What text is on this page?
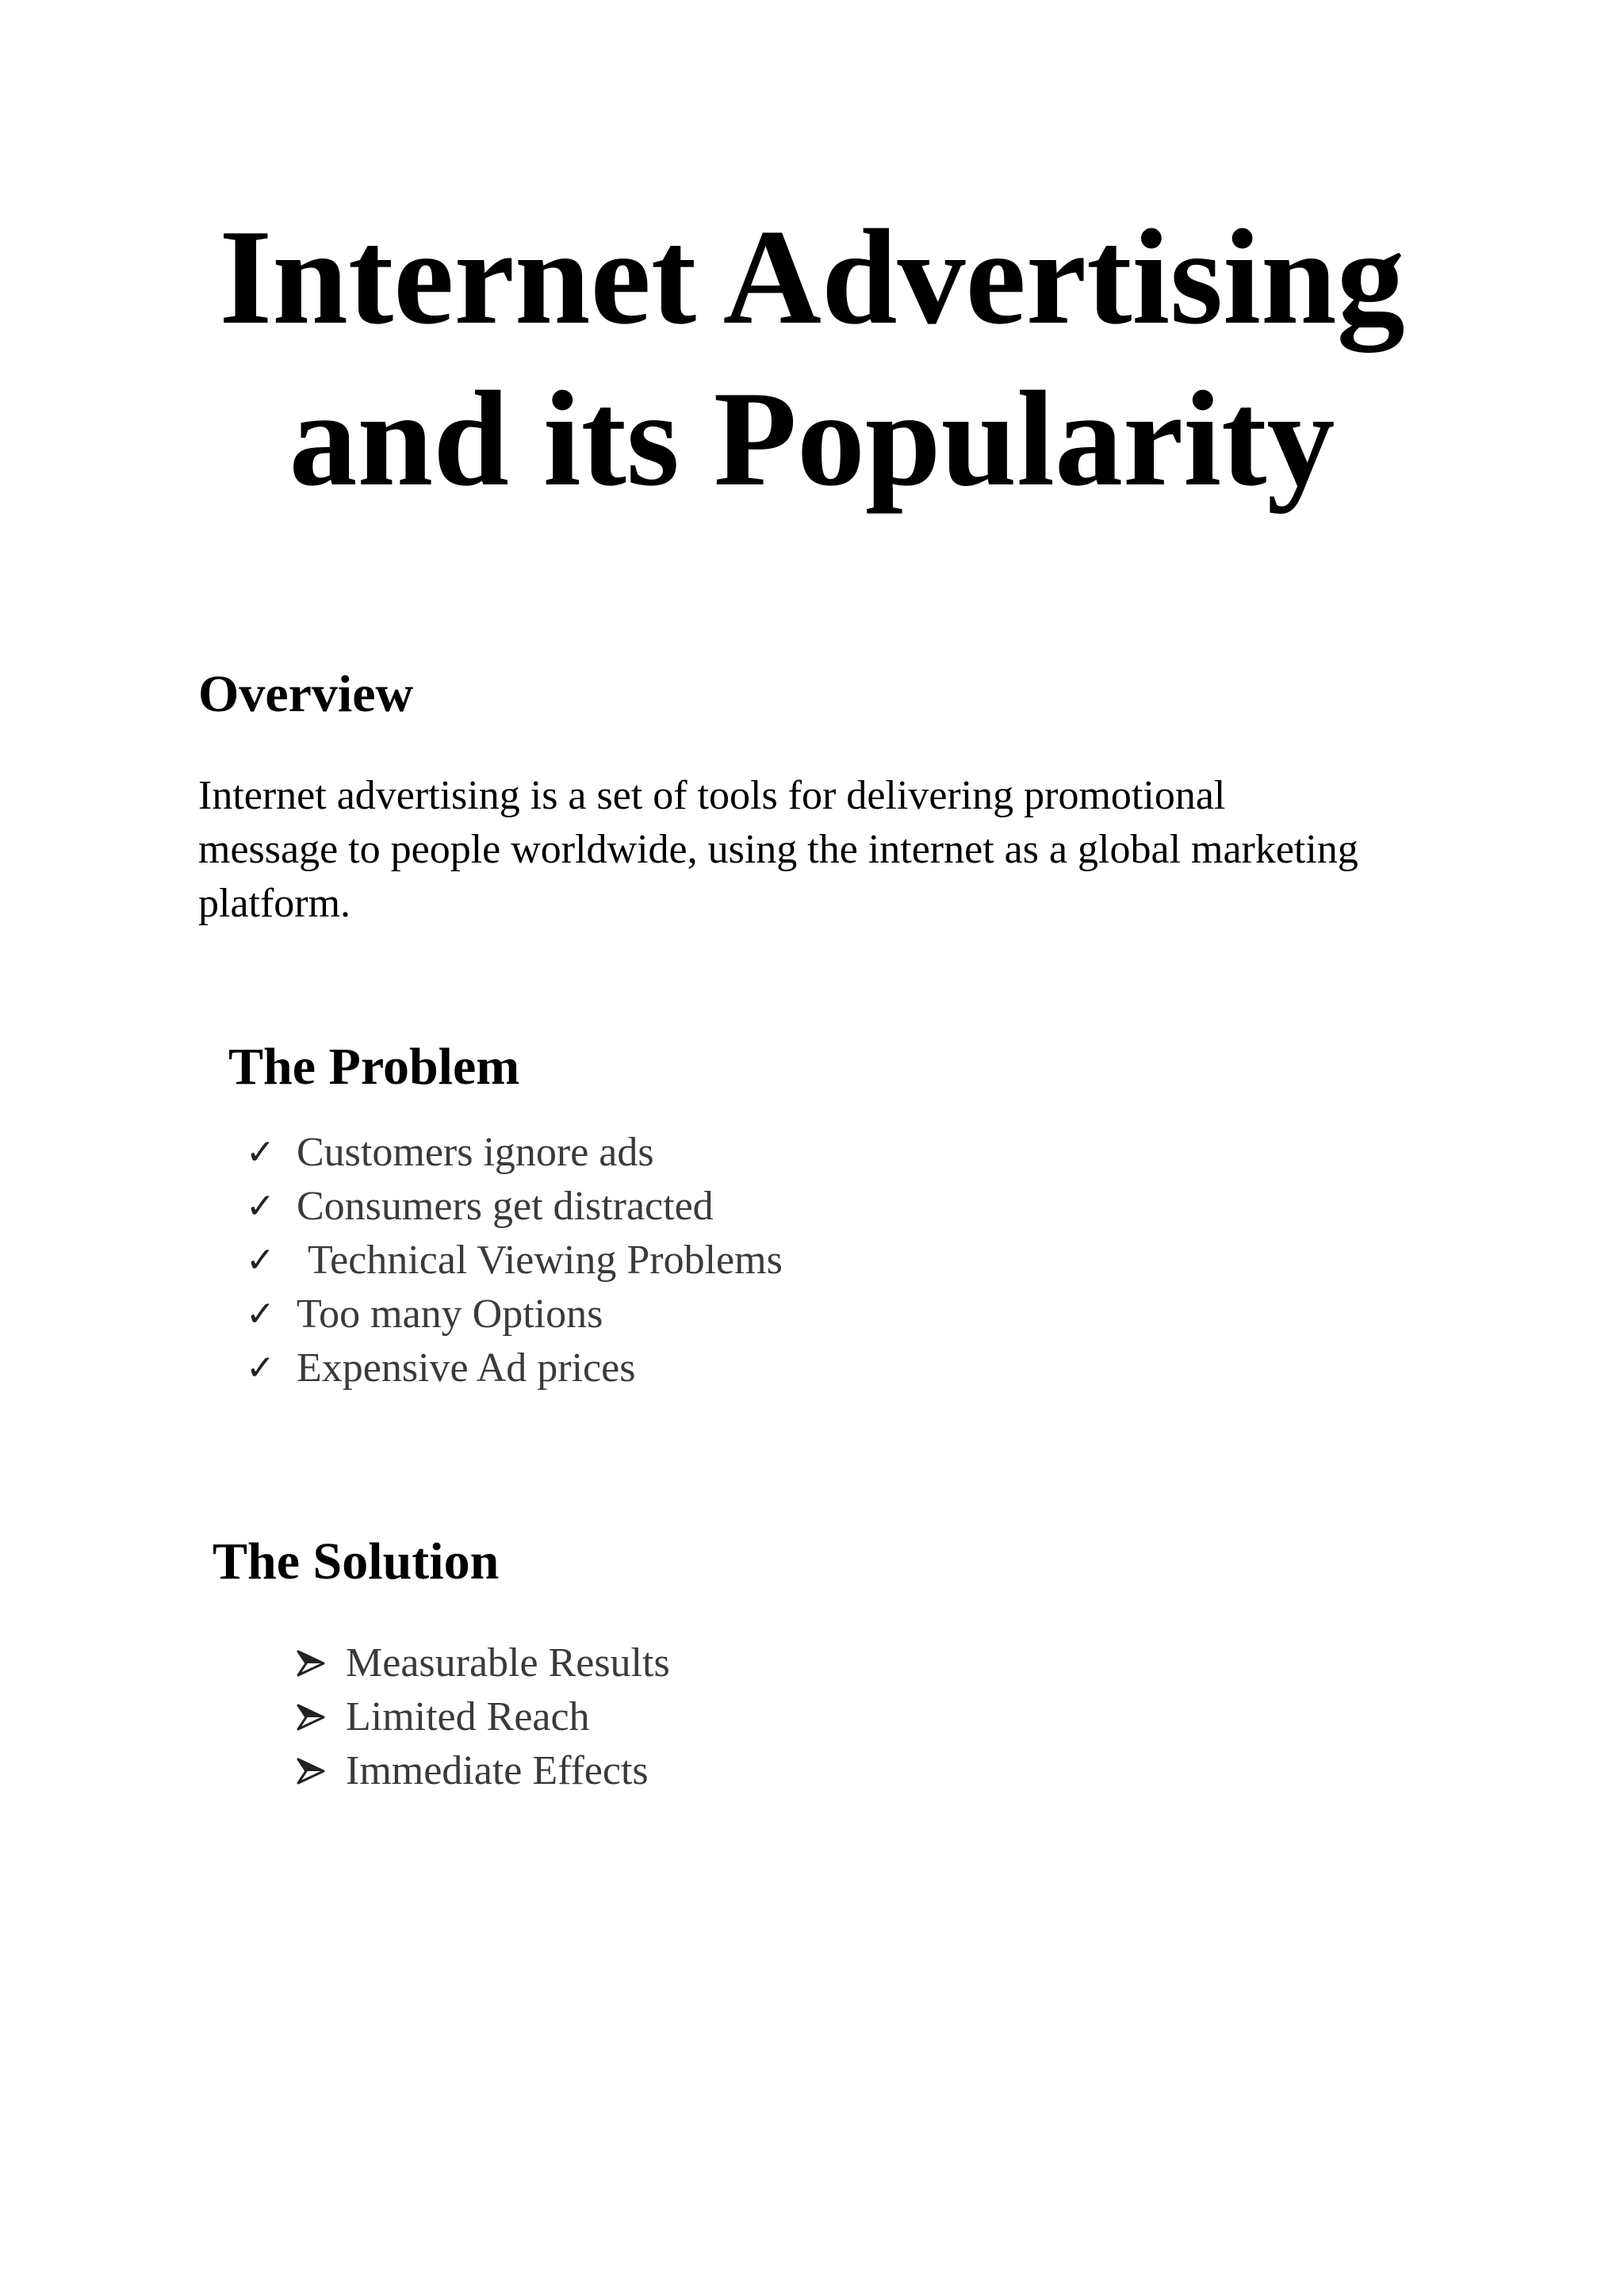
Internet Advertising
and its Popularity
Overview

Internet advertising is a set of tools for delivering promotional
message to people worldwide, using the internet as a global marketing
platform.

The Problem
✓ Customers ignore ads
✓ Consumers get distracted
✓ Technical Viewing Problems
✓ Too many Options
✓ Expensive Ad prices
The Solution
Measurable Results
Limited Reach
Immediate Effects
